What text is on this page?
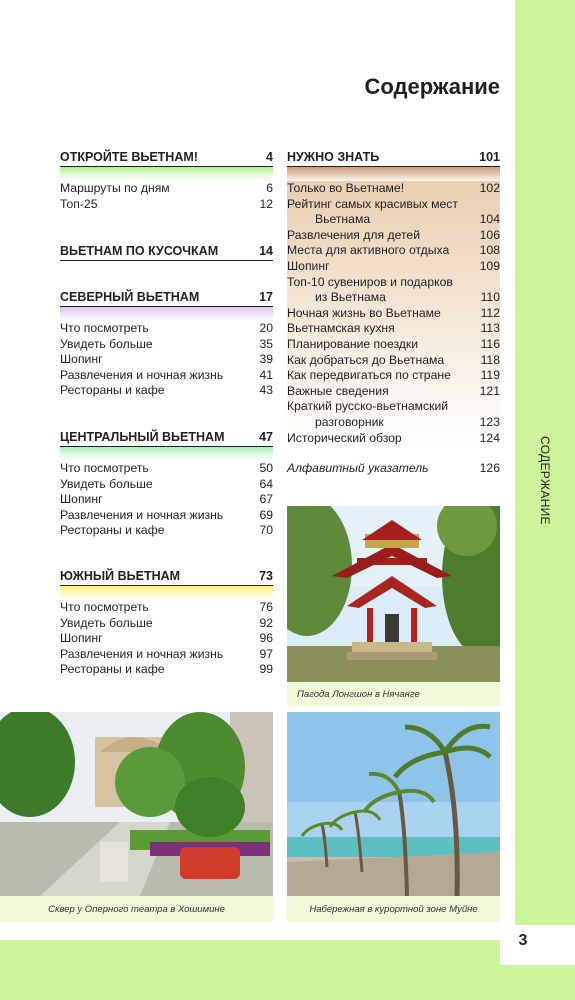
СОДЕРЖАНИЕ
3
Содержание
ОТКРОЙТЕ ВЬЕТНАМ!	4
Маршруты по дням	6
Топ-25	12
ВЬЕТНАМ ПО КУСОЧКАМ	14
СЕВЕРНЫЙ ВЬЕТНАМ	17
Что посмотреть	20
Увидеть больше	35
Шопинг	39
Развлечения и ночная жизнь	41
Рестораны и кафе	43
ЦЕНТРАЛЬНЫЙ ВЬЕТНАМ	47
Что посмотреть	50
Увидеть больше	64
Шопинг	67
Развлечения и ночная жизнь	69
Рестораны и кафе	70
ЮЖНЫЙ ВЬЕТНАМ	73
Что посмотреть	76
Увидеть больше	92
Шопинг	96
Развлечения и ночная жизнь	97
Рестораны и кафе	99
НУЖНО ЗНАТЬ	101
Только во Вьетнаме!	102
Рейтинг самых красивых мест
Вьетнама	104
Развлечения для детей	106
Места для активного отдыха 108
Шопинг	109
Топ-10 сувениров и подарков
из Вьетнама	110
Ночная жизнь во Вьетнаме	112
Вьетнамская кухня	113
Планирование поездки	116
Как добраться до Вьетнама	118
Как передвигаться по стране 119
Важные сведения	121
Краткий русско-вьетнамский
разговорник	123
Исторический обзор	124
Алфавитный указатель	126
Пагода Лонгшон в Нячанге
Сквер у Оперного театра в Хошимине	Набережная в курортной зоне Муйне
